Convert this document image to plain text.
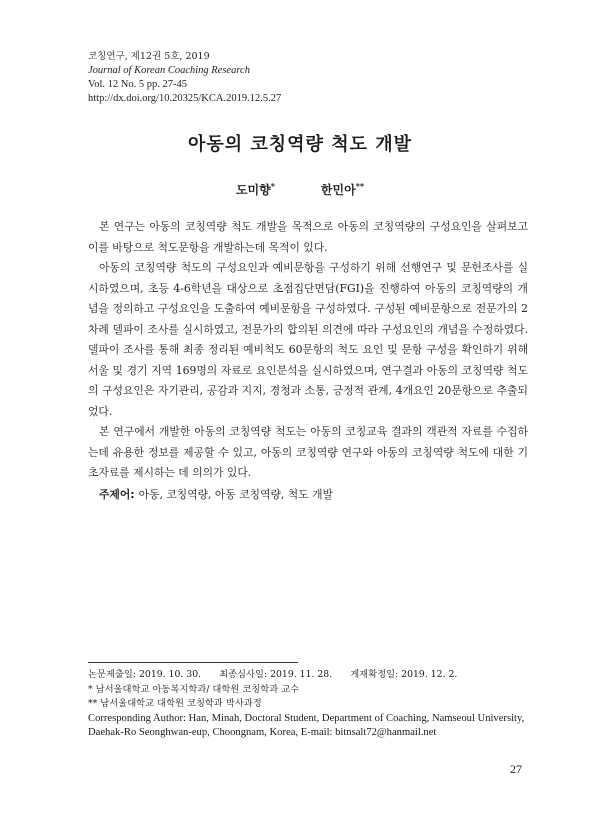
코칭연구, 제12권 5호, 2019
Journal of Korean Coaching Research
Vol. 12 No. 5 pp. 27-45
http://dx.doi.org/10.20325/KCA.2019.12.5.27
아동의 코칭역량 척도 개발
도미향*	한민아**

본 연구는 아동의 코칭역량 척도 개발을 목적으로 아동의 코칭역량의 구성요인을 살펴보고 이를 바탕으로 척도문항을 개발하는데 목적이 있다.

아동의 코칭역량 척도의 구성요인과 예비문항을 구성하기 위해 선행연구 및 문헌조사를 실시하였으며, 초등 4-6학년을 대상으로 초점집단면담(FGI)을 진행하여 아동의 코칭역량의 개념을 정의하고 구성요인을 도출하여 예비문항을 구성하였다. 구성된 예비문항으로 전문가의 2차례 델파이 조사를 실시하였고, 전문가의 합의된 의견에 따라 구성요인의 개념을 수정하였다. 델파이 조사를 통해 최종 정리된 예비척도 60문항의 척도 요인 및 문항 구성을 확인하기 위해 서울 및 경기 지역 169명의 자료로 요인분석을 실시하였으며, 연구결과 아동의 코칭역량 척도의 구성요인은 자기관리, 공감과 지지, 경청과 소통, 긍정적 관계, 4개요인 20문항으로 추출되었다.

본 연구에서 개발한 아동의 코칭역량 척도는 아동의 코칭교육 결과의 객관적 자료를 수집하는데 유용한 정보를 제공할 수 있고, 아동의 코칭역량 연구와 아동의 코칭역량 척도에 대한 기초자료를 제시하는 데 의의가 있다.

주제어: 아동, 코칭역량, 아동 코칭역량, 척도 개발
논문제출일: 2019. 10. 30. 최종심사일: 2019. 11. 28. 게재확정일: 2019. 12. 2.
* 남서울대학교 아동복지학과/ 대학원 코칭학과 교수
** 남서울대학교 대학원 코칭학과 박사과정
Corresponding Author: Han, Minah, Doctoral Student, Department of Coaching, Namseoul University,
Daehak-Ro Seonghwan-eup, Choongnam, Korea, E-mail: bitnsalt72@hanmail.net
27
